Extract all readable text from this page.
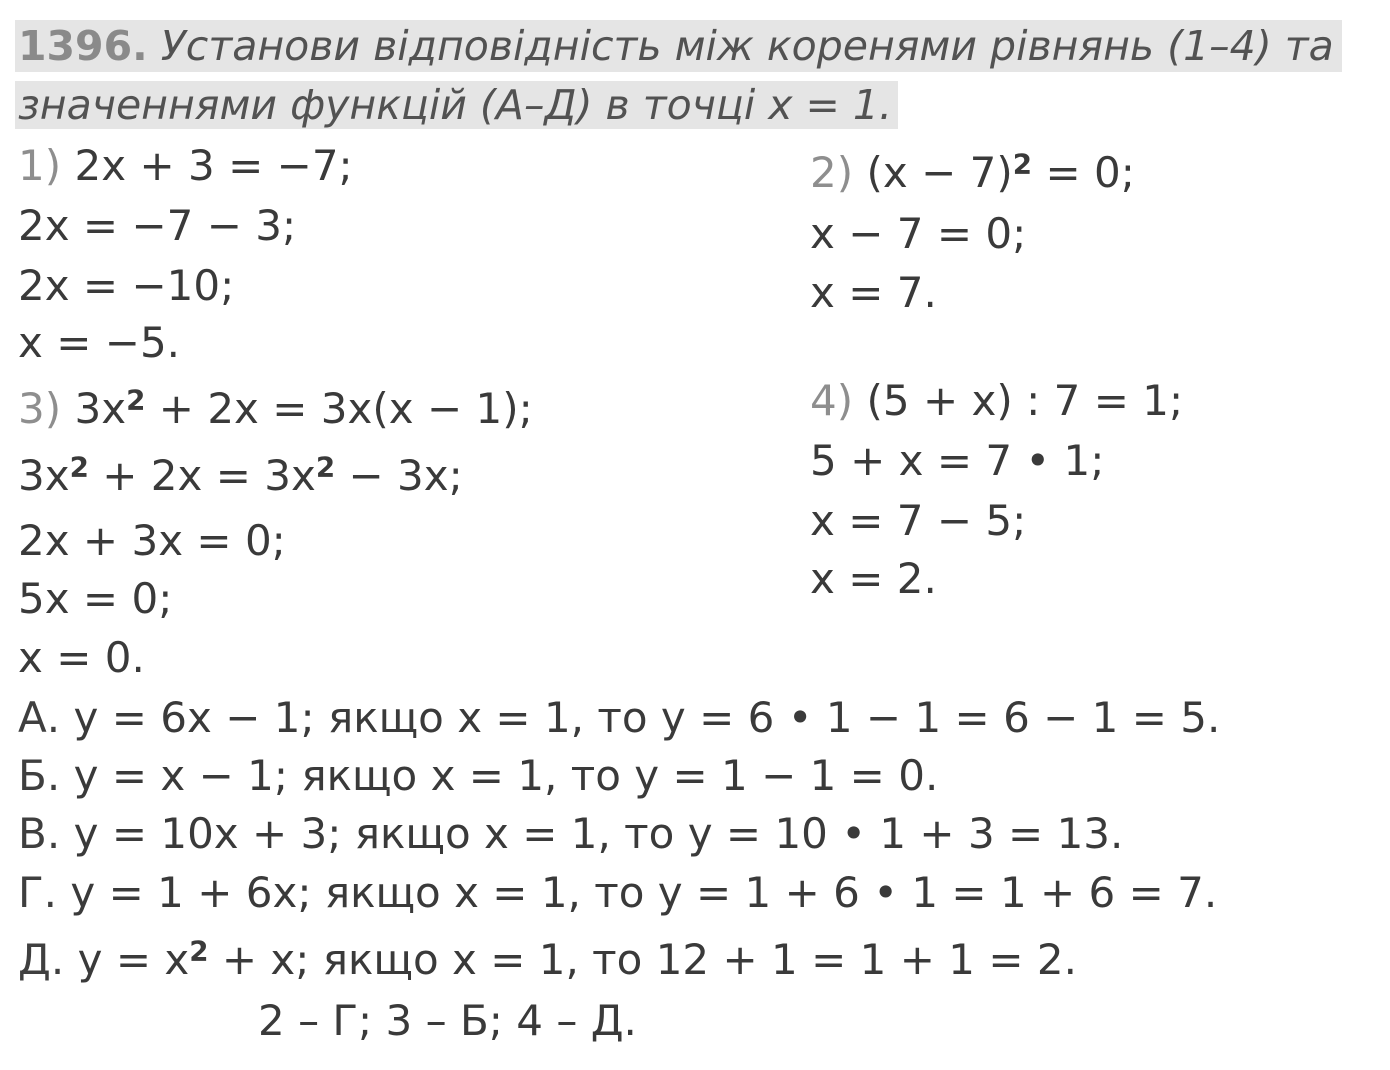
1396. Установи відповідність між коренями рівнянь (1–4) та
значеннями функцій (А–Д) в точці x = 1.
1) 2x + 3 = −7;
2x = −7 − 3;
2x = −10;
x = −5.
3) $3x^2 + 2x = 3x(x - 1)$;
$3x^2 + 2x = 3x^2 - 3x$;
2x + 3x = 0;
5x = 0;
x = 0.
2) $(x - 7)^2 = 0$;
x − 7 = 0;
x = 7.
4) (5 + x) : 7 = 1;
5 + x = 7 • 1;
x = 7 − 5;
x = 2.
А. y = 6x − 1; якщо x = 1, то y = 6 • 1 − 1 = 6 − 1 = 5.
Б. y = x − 1; якщо x = 1, то y = 1 − 1 = 0.
В. y = 10x + 3; якщо x = 1, то y = 10 • 1 + 3 = 13.
Г. y = 1 + 6x; якщо x = 1, то y = 1 + 6 • 1 = 1 + 6 = 7.
Д. $y = x^2 + x$; якщо x = 1, то 12 + 1 = 1 + 1 = 2.
2 – Г; 3 – Б; 4 – Д.
